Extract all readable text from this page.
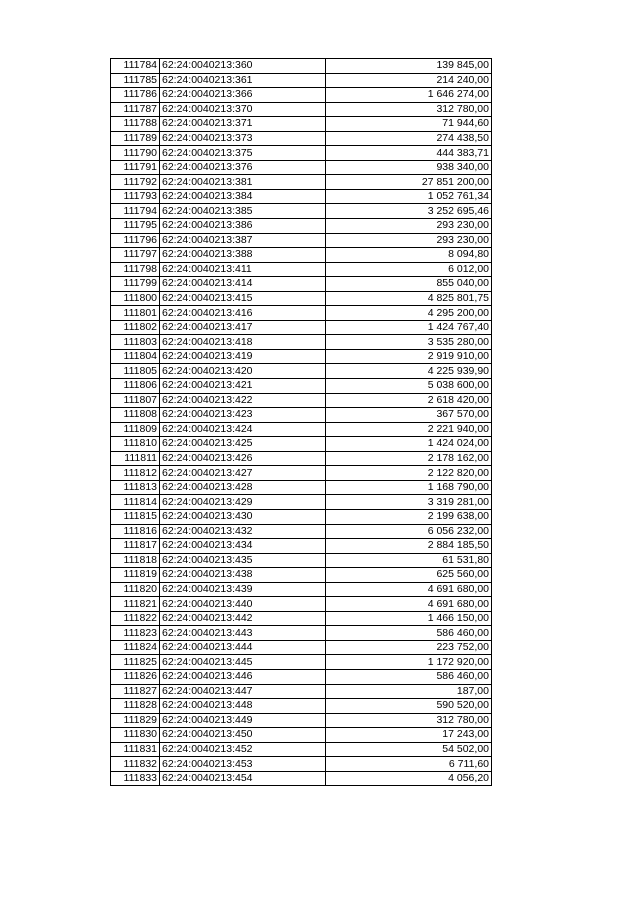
111784	62:24:0040213:360	139 845,00
111785	62:24:0040213:361	214 240,00
111786	62:24:0040213:366	1 646 274,00
111787	62:24:0040213:370	312 780,00
111788	62:24:0040213:371	71 944,60
111789	62:24:0040213:373	274 438,50
111790	62:24:0040213:375	444 383,71
111791	62:24:0040213:376	938 340,00
111792	62:24:0040213:381	27 851 200,00
111793	62:24:0040213:384	1 052 761,34
111794	62:24:0040213:385	3 252 695,46
111795	62:24:0040213:386	293 230,00
111796	62:24:0040213:387	293 230,00
111797	62:24:0040213:388	8 094,80
111798	62:24:0040213:411	6 012,00
111799	62:24:0040213:414	855 040,00
111800	62:24:0040213:415	4 825 801,75
111801	62:24:0040213:416	4 295 200,00
111802	62:24:0040213:417	1 424 767,40
111803	62:24:0040213:418	3 535 280,00
111804	62:24:0040213:419	2 919 910,00
111805	62:24:0040213:420	4 225 939,90
111806	62:24:0040213:421	5 038 600,00
111807	62:24:0040213:422	2 618 420,00
111808	62:24:0040213:423	367 570,00
111809	62:24:0040213:424	2 221 940,00
111810	62:24:0040213:425	1 424 024,00
111811	62:24:0040213:426	2 178 162,00
111812	62:24:0040213:427	2 122 820,00
111813	62:24:0040213:428	1 168 790,00
111814	62:24:0040213:429	3 319 281,00
111815	62:24:0040213:430	2 199 638,00
111816	62:24:0040213:432	6 056 232,00
111817	62:24:0040213:434	2 884 185,50
111818	62:24:0040213:435	61 531,80
111819	62:24:0040213:438	625 560,00
111820	62:24:0040213:439	4 691 680,00
111821	62:24:0040213:440	4 691 680,00
111822	62:24:0040213:442	1 466 150,00
111823	62:24:0040213:443	586 460,00
111824	62:24:0040213:444	223 752,00
111825	62:24:0040213:445	1 172 920,00
111826	62:24:0040213:446	586 460,00
111827	62:24:0040213:447	187,00
111828	62:24:0040213:448	590 520,00
111829	62:24:0040213:449	312 780,00
111830	62:24:0040213:450	17 243,00
111831	62:24:0040213:452	54 502,00
111832	62:24:0040213:453	6 711,60
111833	62:24:0040213:454	4 056,20
